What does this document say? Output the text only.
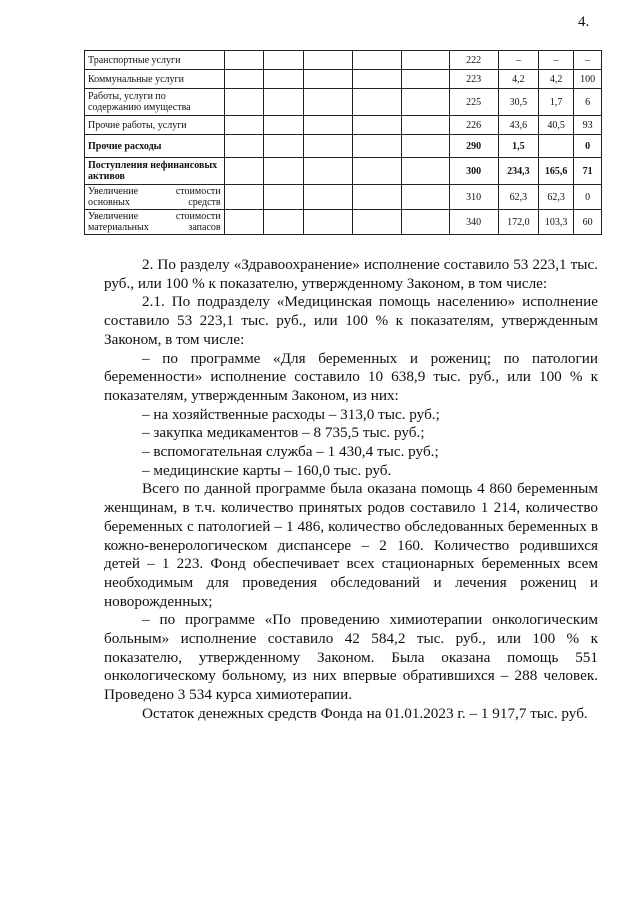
4.
Транспортные услуги						222	–	–	–
Коммунальные услуги						223	4,2	4,2	100
Работы, услуги по содержанию имущества						225	30,5	1,7	6
Прочие работы, услуги						226	43,6	40,5	93
Прочие расходы						290	1,5		0
Поступления нефинансовых активов						300	234,3	165,6	71
Увеличение стоимости основных средств						310	62,3	62,3	0
Увеличение стоимости материальных запасов						340	172,0	103,3	60

2. По разделу «Здравоохранение» исполнение составило 53 223,1 тыс. руб., или 100 % к показателю, утвержденному Законом, в том числе:

2.1. По подразделу «Медицинская помощь населению» исполнение составило 53 223,1 тыс. руб., или 100 % к показателям, утвержденным Законом, в том числе:

– по программе «Для беременных и рожениц; по патологии беременности» исполнение составило 10 638,9 тыс. руб., или 100 % к показателям, утвержденным Законом, из них:

– на хозяйственные расходы – 313,0 тыс. руб.;

– закупка медикаментов – 8 735,5 тыс. руб.;

– вспомогательная служба – 1 430,4 тыс. руб.;

– медицинские карты – 160,0 тыс. руб.

Всего по данной программе была оказана помощь 4 860 беременным женщинам, в т.ч. количество принятых родов составило 1 214, количество беременных с патологией – 1 486, количество обследованных беременных в кожно-венерологическом диспансере – 2 160. Количество родившихся детей – 1 223. Фонд обеспечивает всех стационарных беременных всем необходимым для проведения обследований и лечения рожениц и новорожденных;

– по программе «По проведению химиотерапии онкологическим больным» исполнение составило 42 584,2 тыс. руб., или 100 % к показателю, утвержденному Законом. Была оказана помощь 551 онкологическому больному, из них впервые обратившихся – 288 человек. Проведено 3 534 курса химиотерапии.

Остаток денежных средств Фонда на 01.01.2023 г. – 1 917,7 тыс. руб.
